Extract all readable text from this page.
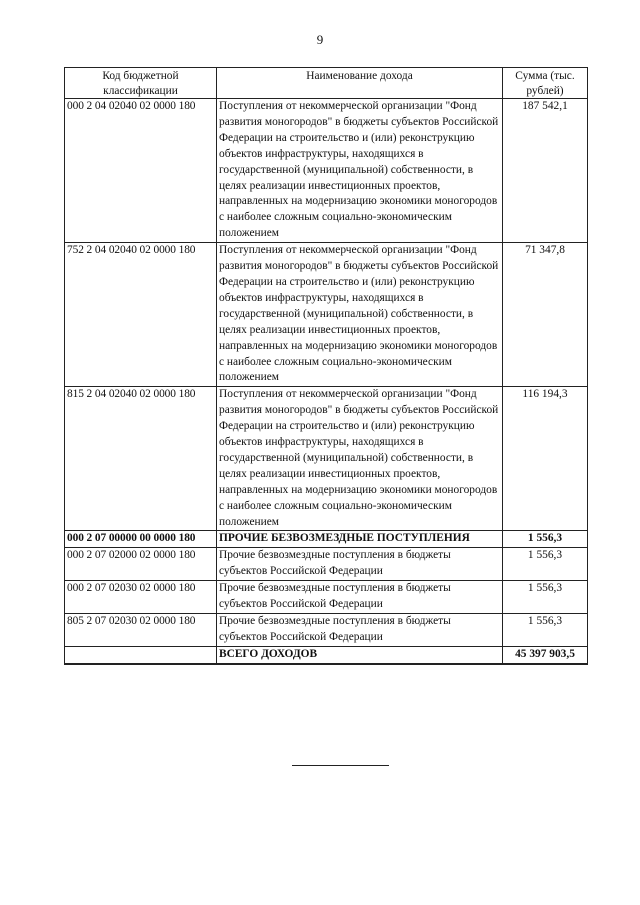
9
Код бюджетной классификации	Наименование дохода	Сумма (тыс. рублей)
000 2 04 02040 02 0000 180	Поступления от некоммерческой организации "Фонд развития моногородов" в бюджеты субъектов Российской Федерации на строительство и (или) реконструкцию объектов инфраструктуры, находящихся в государственной (муниципальной) собственности, в целях реализации инвестиционных проектов, направленных на модернизацию экономики моногородов с наиболее сложным социально-экономическим положением	187 542,1
752 2 04 02040 02 0000 180	Поступления от некоммерческой организации "Фонд развития моногородов" в бюджеты субъектов Российской Федерации на строительство и (или) реконструкцию объектов инфраструктуры, находящихся в государственной (муниципальной) собственности, в целях реализации инвестиционных проектов, направленных на модернизацию экономики моногородов с наиболее сложным социально-экономическим положением	71 347,8
815 2 04 02040 02 0000 180	Поступления от некоммерческой организации "Фонд развития моногородов" в бюджеты субъектов Российской Федерации на строительство и (или) реконструкцию объектов инфраструктуры, находящихся в государственной (муниципальной) собственности, в целях реализации инвестиционных проектов, направленных на модернизацию экономики моногородов с наиболее сложным социально-экономическим положением	116 194,3
000 2 07 00000 00 0000 180	ПРОЧИЕ БЕЗВОЗМЕЗДНЫЕ ПОСТУПЛЕНИЯ	1 556,3
000 2 07 02000 02 0000 180	Прочие безвозмездные поступления в бюджеты субъектов Российской Федерации	1 556,3
000 2 07 02030 02 0000 180	Прочие безвозмездные поступления в бюджеты субъектов Российской Федерации	1 556,3
805 2 07 02030 02 0000 180	Прочие безвозмездные поступления в бюджеты субъектов Российской Федерации	1 556,3
	ВСЕГО ДОХОДОВ	45 397 903,5
